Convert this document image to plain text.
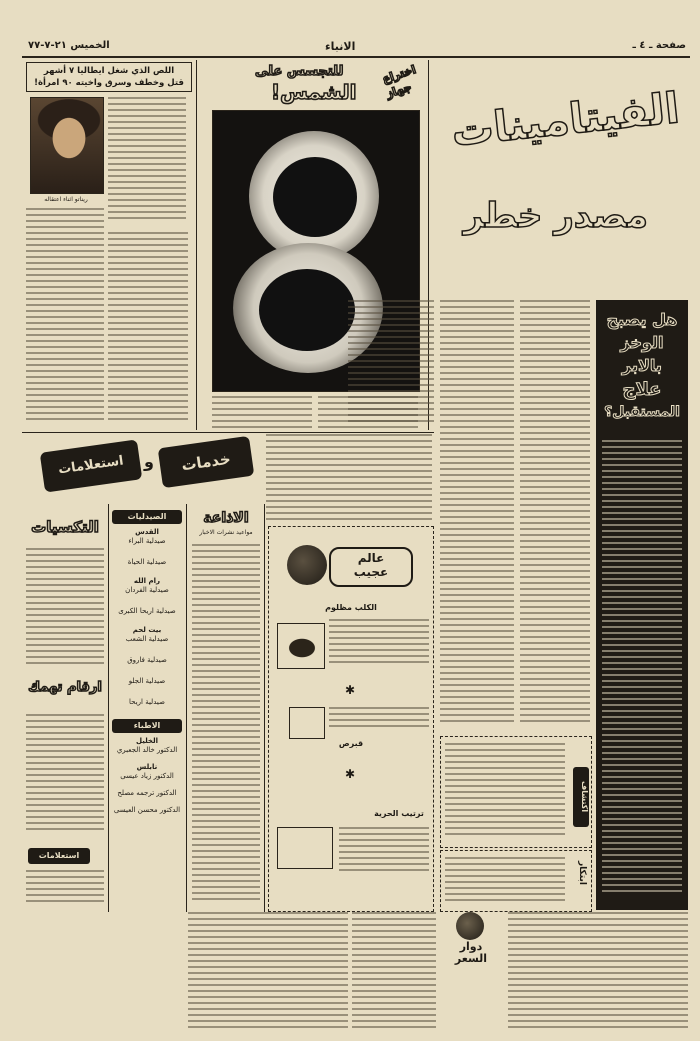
صفحة ـ ٤ ـ
الانباء
الخميس ٢١-٧-٧٧
اللص الذي شغل ايطاليا ٧ أشهر
قتل وخطف وسرق واخيته ٩٠ امرأة!
ريناتو اثناء اعتقاله
اختراع
جهاز
للتجسس على
الشمس! الفيتامينات
مصدر خطر
هل يصبح
الوخز
بالابر
علاج
المستقبل؟
اكتشاف
ابتكار
خدمات
و
استعلامات
التكسيات
ارقام تهمك
استعلامات
الصيدليات
القدس
صيدلية البراء
صيدلية الحياة
رام الله
صيدلية الفردان
صيدلية اريحا الكبرى
بيت لحم
صيدلية الشعب
صيدلية فاروق
صيدلية الجلو
صيدلية اريحا
الاطباء
الخليل
الدكتور خالد الجعبري
نابلس
الدكتور زياد عيسى
الدكتور ترجمه مصلح
الدكتور محسن العيسى
الاذاعة
مواعيد نشرات الاخبار
عالم
عجيب
الكلب مظلوم
✱
قبرص
✱
ترتيب الحرية
دوار
السعر
